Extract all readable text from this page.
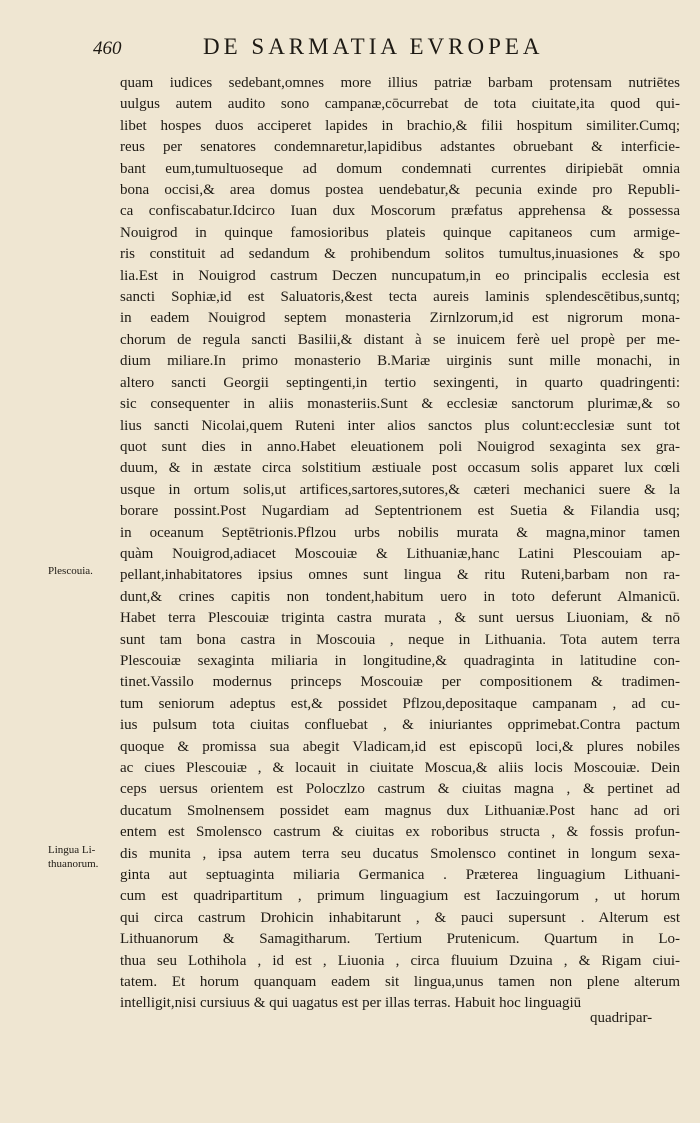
460	DE SARMATIA EVROPEA
Plescouia.
Lingua Li-
thuanorum.
quam iudices sedebant,omnes more illius patriæ barbam protensam nutriētes
uulgus autem audito sono campanæ,cōcurrebat de tota ciuitate,ita quod qui-
libet hospes duos acciperet lapides in brachio,& filii hospitum similiter.Cumq;
reus per senatores condemnaretur,lapidibus adstantes obruebant & interficie-
bant eum,tumultuoseque ad domum condemnati currentes diripiebāt omnia
bona occisi,& area domus postea uendebatur,& pecunia exinde pro Republi-
ca confiscabatur.Idcirco Iuan dux Moscorum præfatus apprehensa & possessa
Nouigrod in quinque famosioribus plateis quinque capitaneos cum armige-
ris constituit ad sedandum & prohibendum solitos tumultus,inuasiones & spo
lia.Est in Nouigrod castrum Deczen nuncupatum,in eo principalis ecclesia est
sancti Sophiæ,id est Saluatoris,&est tecta aureis laminis splendescētibus,suntq;
in eadem Nouigrod septem monasteria Zirnlzorum,id est nigrorum mona-
chorum de regula sancti Basilii,& distant à se inuicem ferè uel propè per me-
dium miliare.In primo monasterio B.Mariæ uirginis sunt mille monachi, in
altero sancti Georgii septingenti,in tertio sexingenti, in quarto quadringenti:
sic consequenter in aliis monasteriis.Sunt & ecclesiæ sanctorum plurimæ,& so
lius sancti Nicolai,quem Ruteni inter alios sanctos plus colunt:ecclesiæ sunt tot
quot sunt dies in anno.Habet eleuationem poli Nouigrod sexaginta sex gra-
duum, & in æstate circa solstitium æstiuale post occasum solis apparet lux cœli
usque in ortum solis,ut artifices,sartores,sutores,& cæteri mechanici suere & la
borare possint.Post Nugardiam ad Septentrionem est Suetia & Filandia usq;
in oceanum Septētrionis.Pflzou urbs nobilis murata & magna,minor tamen
quàm Nouigrod,adiacet Moscouiæ & Lithuaniæ,hanc Latini Plescouiam ap-
pellant,inhabitatores ipsius omnes sunt lingua & ritu Ruteni,barbam non ra-
dunt,& crines capitis non tondent,habitum uero in toto deferunt Almanicū.
Habet terra Plescouiæ triginta castra murata , & sunt uersus Liuoniam, & nō
sunt tam bona castra in Moscouia , neque in Lithuania. Tota autem terra
Plescouiæ sexaginta miliaria in longitudine,& quadraginta in latitudine con-
tinet.Vassilo modernus princeps Moscouiæ per compositionem & tradimen-
tum seniorum adeptus est,& possidet Pflzou,depositaque campanam , ad cu-
ius pulsum tota ciuitas confluebat , & iniuriantes opprimebat.Contra pactum
quoque & promissa sua abegit Vladicam,id est episcopū loci,& plures nobiles
ac ciues Plescouiæ , & locauit in ciuitate Moscua,& aliis locis Moscouiæ. Dein
ceps uersus orientem est Poloczlzo castrum & ciuitas magna , & pertinet ad
ducatum Smolnensem possidet eam magnus dux Lithuaniæ.Post hanc ad ori
entem est Smolensco castrum & ciuitas ex roboribus structa , & fossis profun-
dis munita , ipsa autem terra seu ducatus Smolensco continet in longum sexa-
ginta aut septuaginta miliaria Germanica . Præterea linguagium Lithuani-
cum est quadripartitum , primum linguagium est Iaczuingorum , ut horum
qui circa castrum Drohicin inhabitarunt , & pauci supersunt . Alterum est
Lithuanorum & Samagitharum. Tertium Prutenicum. Quartum in Lo-
thua seu Lothihola , id est , Liuonia , circa fluuium Dzuina , & Rigam ciui-
tatem. Et horum quanquam eadem sit lingua,unus tamen non plene alterum
intelligit,nisi cursiuus & qui uagatus est per illas terras. Habuit hoc linguagiū
quadripar-
